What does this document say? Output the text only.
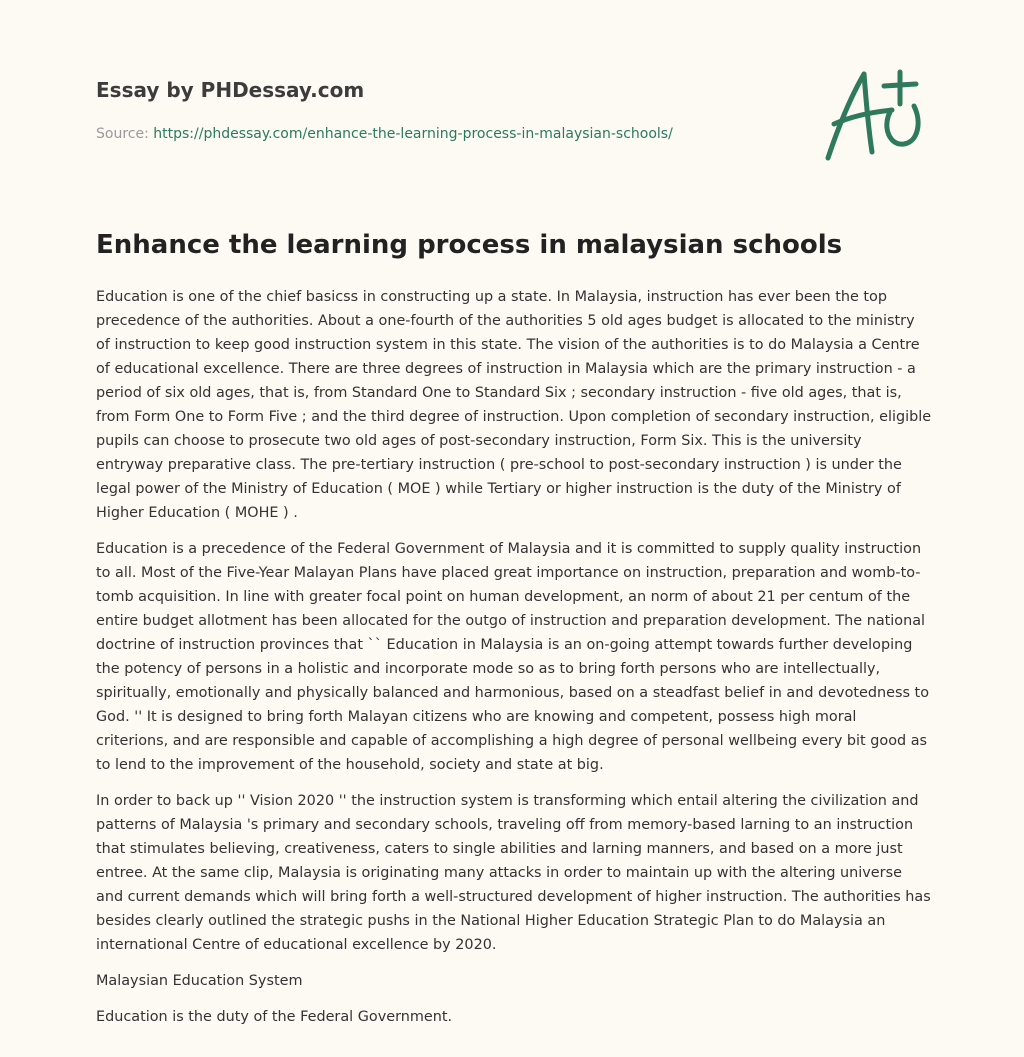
Essay by PHDessay.com
Source: https://phdessay.com/enhance-the-learning-process-in-malaysian-schools/
Enhance the learning process in malaysian schools

Education is one of the chief basicss in constructing up a state. In Malaysia, instruction has ever been the top precedence of the authorities. About a one-fourth of the authorities 5 old ages budget is allocated to the ministry of instruction to keep good instruction system in this state. The vision of the authorities is to do Malaysia a Centre of educational excellence. There are three degrees of instruction in Malaysia which are the primary instruction - a period of six old ages, that is, from Standard One to Standard Six ; secondary instruction - five old ages, that is, from Form One to Form Five ; and the third degree of instruction. Upon completion of secondary instruction, eligible pupils can choose to prosecute two old ages of post-secondary instruction, Form Six. This is the university entryway preparative class. The pre-tertiary instruction ( pre-school to post-secondary instruction ) is under the legal power of the Ministry of Education ( MOE ) while Tertiary or higher instruction is the duty of the Ministry of Higher Education ( MOHE ) .

Education is a precedence of the Federal Government of Malaysia and it is committed to supply quality instruction to all. Most of the Five-Year Malayan Plans have placed great importance on instruction, preparation and womb-to-tomb acquisition. In line with greater focal point on human development, an norm of about 21 per centum of the entire budget allotment has been allocated for the outgo of instruction and preparation development. The national doctrine of instruction provinces that `` Education in Malaysia is an on-going attempt towards further developing the potency of persons in a holistic and incorporate mode so as to bring forth persons who are intellectually, spiritually, emotionally and physically balanced and harmonious, based on a steadfast belief in and devotedness to God. '' It is designed to bring forth Malayan citizens who are knowing and competent, possess high moral criterions, and are responsible and capable of accomplishing a high degree of personal wellbeing every bit good as to lend to the improvement of the household, society and state at big.

In order to back up '' Vision 2020 '' the instruction system is transforming which entail altering the civilization and patterns of Malaysia 's primary and secondary schools, traveling off from memory-based larning to an instruction that stimulates believing, creativeness, caters to single abilities and larning manners, and based on a more just entree. At the same clip, Malaysia is originating many attacks in order to maintain up with the altering universe and current demands which will bring forth a well-structured development of higher instruction. The authorities has besides clearly outlined the strategic pushs in the National Higher Education Strategic Plan to do Malaysia an international Centre of educational excellence by 2020.

Malaysian Education System

Education is the duty of the Federal Government.
